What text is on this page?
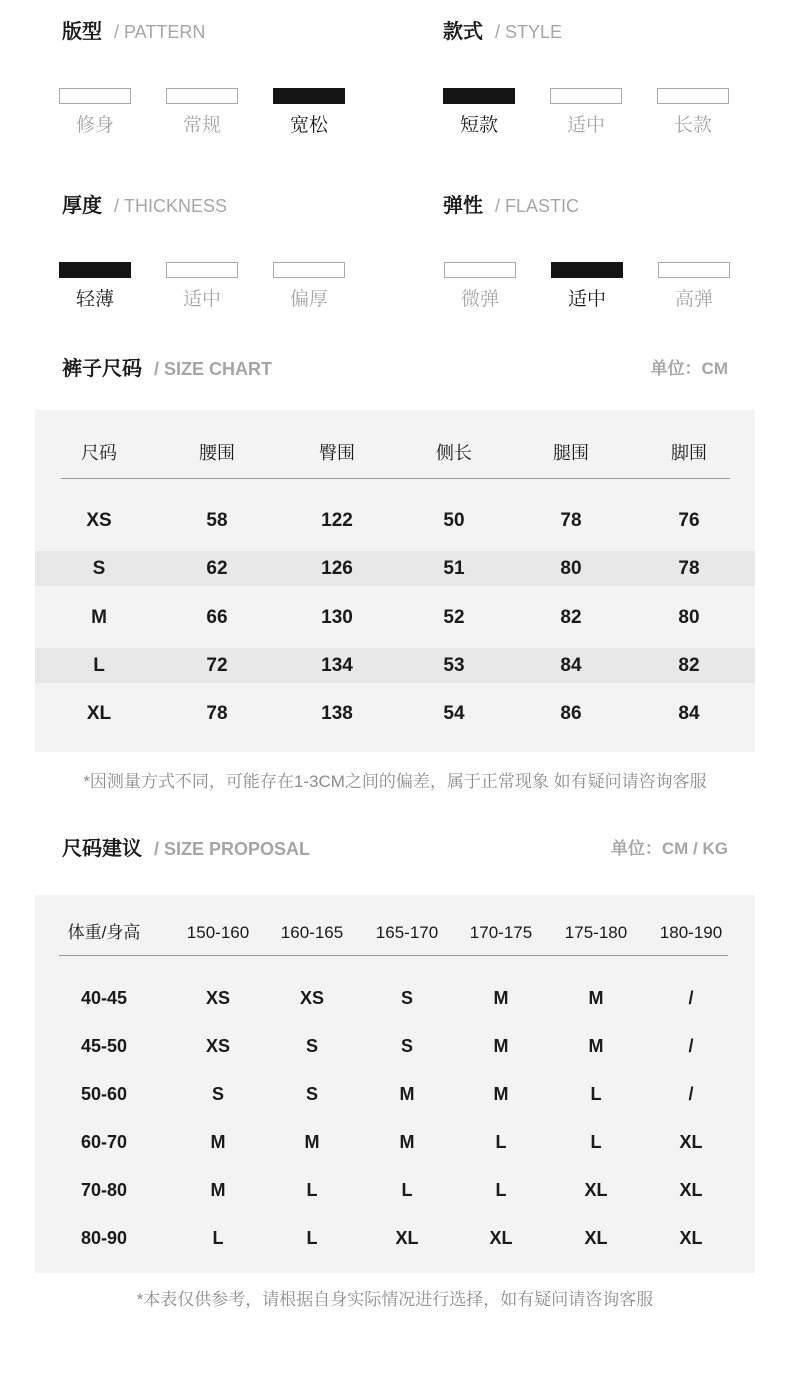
版型 / PATTERN
修身	常规	宽松
款式 / STYLE
短款	适中	长款
厚度 / THICKNESS
轻薄	适中	偏厚
弹性 / FLASTIC
微弹	适中	高弹
裤子尺码 / SIZE CHART	单位：CM
尺码	腰围	臀围	侧长	腿围	脚围
XS	58	122	50	78	76
S	62	126	51	80	78
M	66	130	52	82	80
L	72	134	53	84	82
XL	78	138	54	86	84
*因测量方式不同，可能存在1-3CM之间的偏差，属于正常现象 如有疑问请咨询客服
尺码建议 / SIZE PROPOSAL	单位：CM / KG
体重/身高	150-160 160-165 165-170 170-175 175-180 180-190
40-45	XS	XS	S	M	M	/
45-50	XS	S	S	M	M	/
50-60	S	S	M	M	L	/
60-70	M	M	M	L	L	XL
70-80	M	L	L	L	XL	XL
80-90	L	L	XL	XL	XL	XL
*本表仅供参考，请根据自身实际情况进行选择，如有疑问请咨询客服
